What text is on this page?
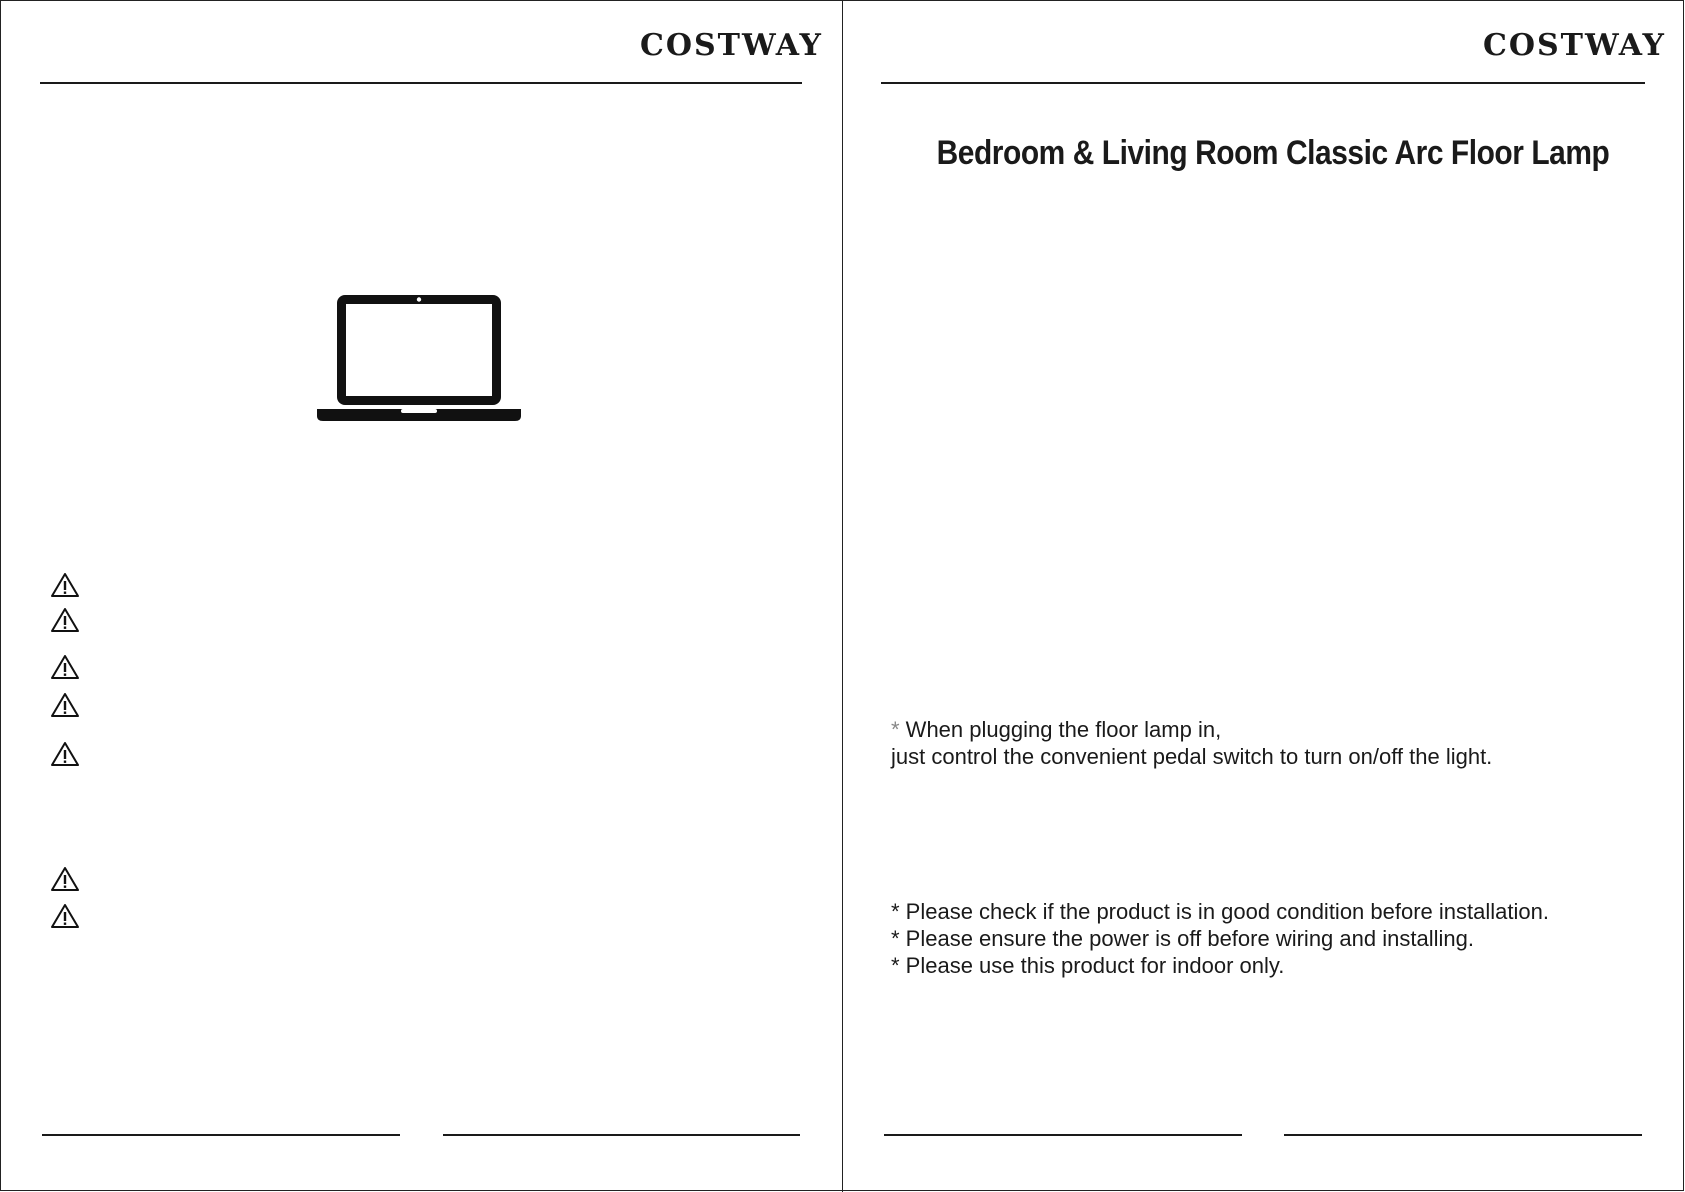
COSTWAY	COSTWAY
Bedroom & Living Room Classic Arc Floor Lamp
* When plugging the floor lamp in,
just control the convenient pedal switch to turn on/off the light.
* Please check if the product is in good condition before installation.
* Please ensure the power is off before wiring and installing.
* Please use this product for indoor only.
